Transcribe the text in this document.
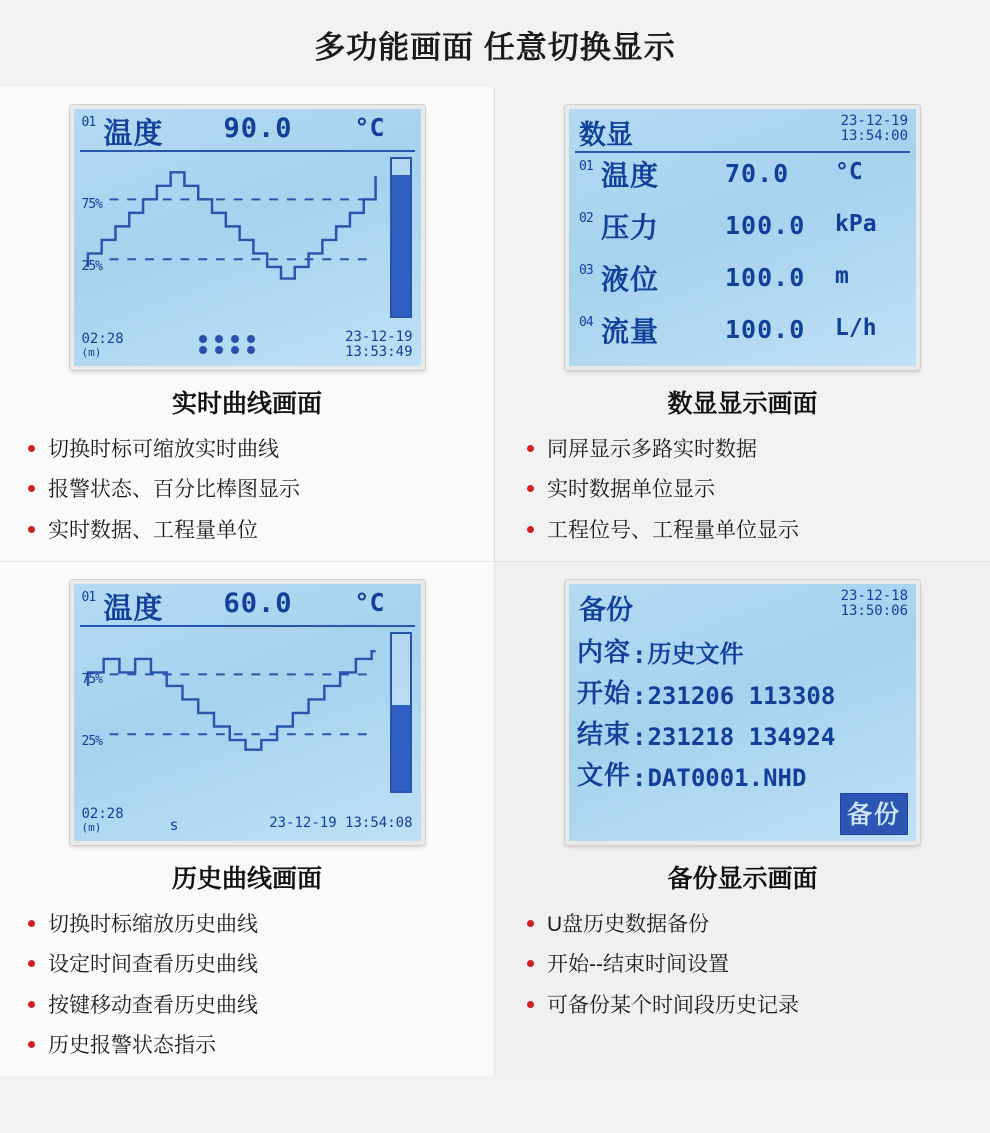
多功能画面 任意切换显示
01 温度 90.0 °C
75%
25%
02:28
(m)
23-12-19
13:53:49
实时曲线画面
切换时标可缩放实时曲线
报警状态、百分比棒图显示
实时数据、工程量单位
数显	23-12-19
13:54:00
01 温度	70.0 °C
02 压力	100.0 kPa
03 液位	100.0 m
04 流量	100.0 L/h
数显显示画面
同屏显示多路实时数据
实时数据单位显示
工程位号、工程量单位显示
01 温度 60.0 °C
75%
25%
02:28
(m)	s	23-12-19 13:54:08
历史曲线画面
切换时标缩放历史曲线
设定时间查看历史曲线
按键移动查看历史曲线
历史报警状态指示
备份	23-12-18
13:50:06
内容 : 历史文件
开始 : 231206 113308
结束 : 231218 134924
文件 : DAT0001.NHD
备份
备份显示画面
U盘历史数据备份
开始--结束时间设置
可备份某个时间段历史记录
